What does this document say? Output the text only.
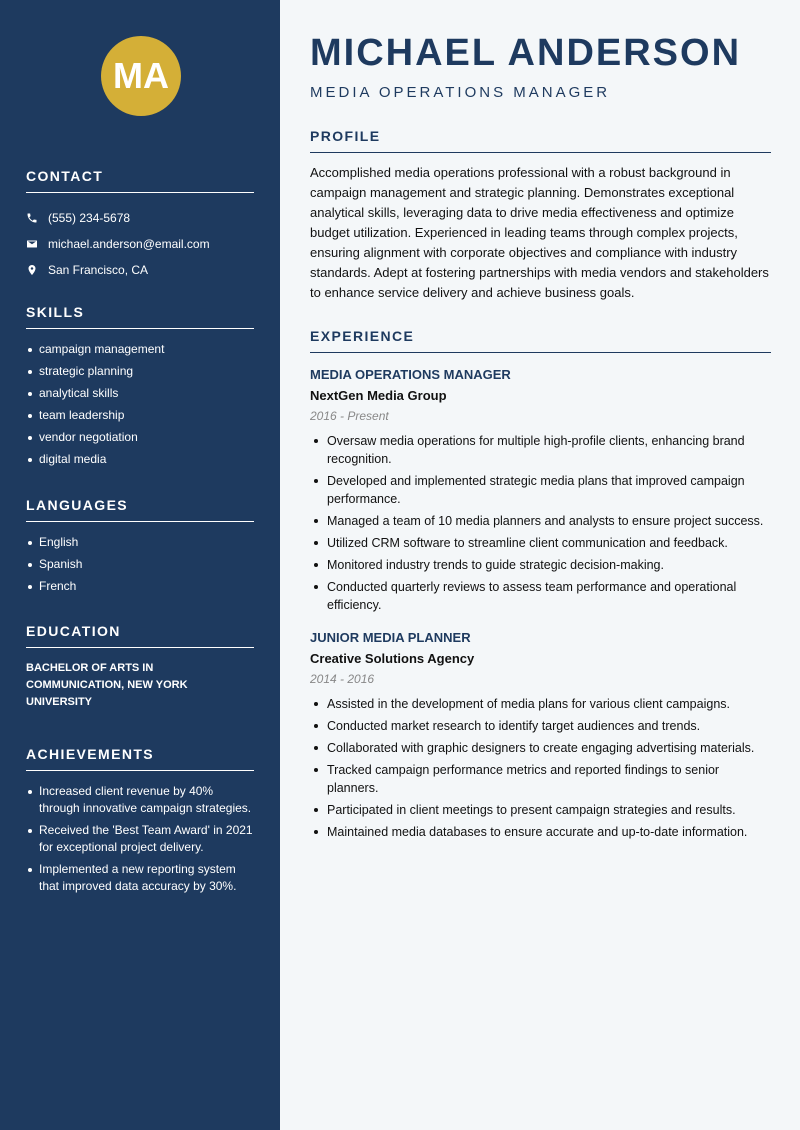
MA
CONTACT
(555) 234-5678
michael.anderson@email.com
San Francisco, CA
SKILLS
campaign management
strategic planning
analytical skills
team leadership
vendor negotiation
digital media
LANGUAGES
English
Spanish
French
EDUCATION
BACHELOR OF ARTS IN COMMUNICATION, NEW YORK UNIVERSITY
ACHIEVEMENTS
Increased client revenue by 40% through innovative campaign strategies.
Received the 'Best Team Award' in 2021 for exceptional project delivery.
Implemented a new reporting system that improved data accuracy by 30%.
MICHAEL ANDERSON
MEDIA OPERATIONS MANAGER
PROFILE

Accomplished media operations professional with a robust background in campaign management and strategic planning. Demonstrates exceptional analytical skills, leveraging data to drive media effectiveness and optimize budget utilization. Experienced in leading teams through complex projects, ensuring alignment with corporate objectives and compliance with industry standards. Adept at fostering partnerships with media vendors and stakeholders to enhance service delivery and achieve business goals.

EXPERIENCE
MEDIA OPERATIONS MANAGER
NextGen Media Group
2016 - Present
Oversaw media operations for multiple high-profile clients, enhancing brand recognition.
Developed and implemented strategic media plans that improved campaign performance.
Managed a team of 10 media planners and analysts to ensure project success.
Utilized CRM software to streamline client communication and feedback.
Monitored industry trends to guide strategic decision-making.
Conducted quarterly reviews to assess team performance and operational efficiency.
JUNIOR MEDIA PLANNER
Creative Solutions Agency
2014 - 2016
Assisted in the development of media plans for various client campaigns.
Conducted market research to identify target audiences and trends.
Collaborated with graphic designers to create engaging advertising materials.
Tracked campaign performance metrics and reported findings to senior planners.
Participated in client meetings to present campaign strategies and results.
Maintained media databases to ensure accurate and up-to-date information.
